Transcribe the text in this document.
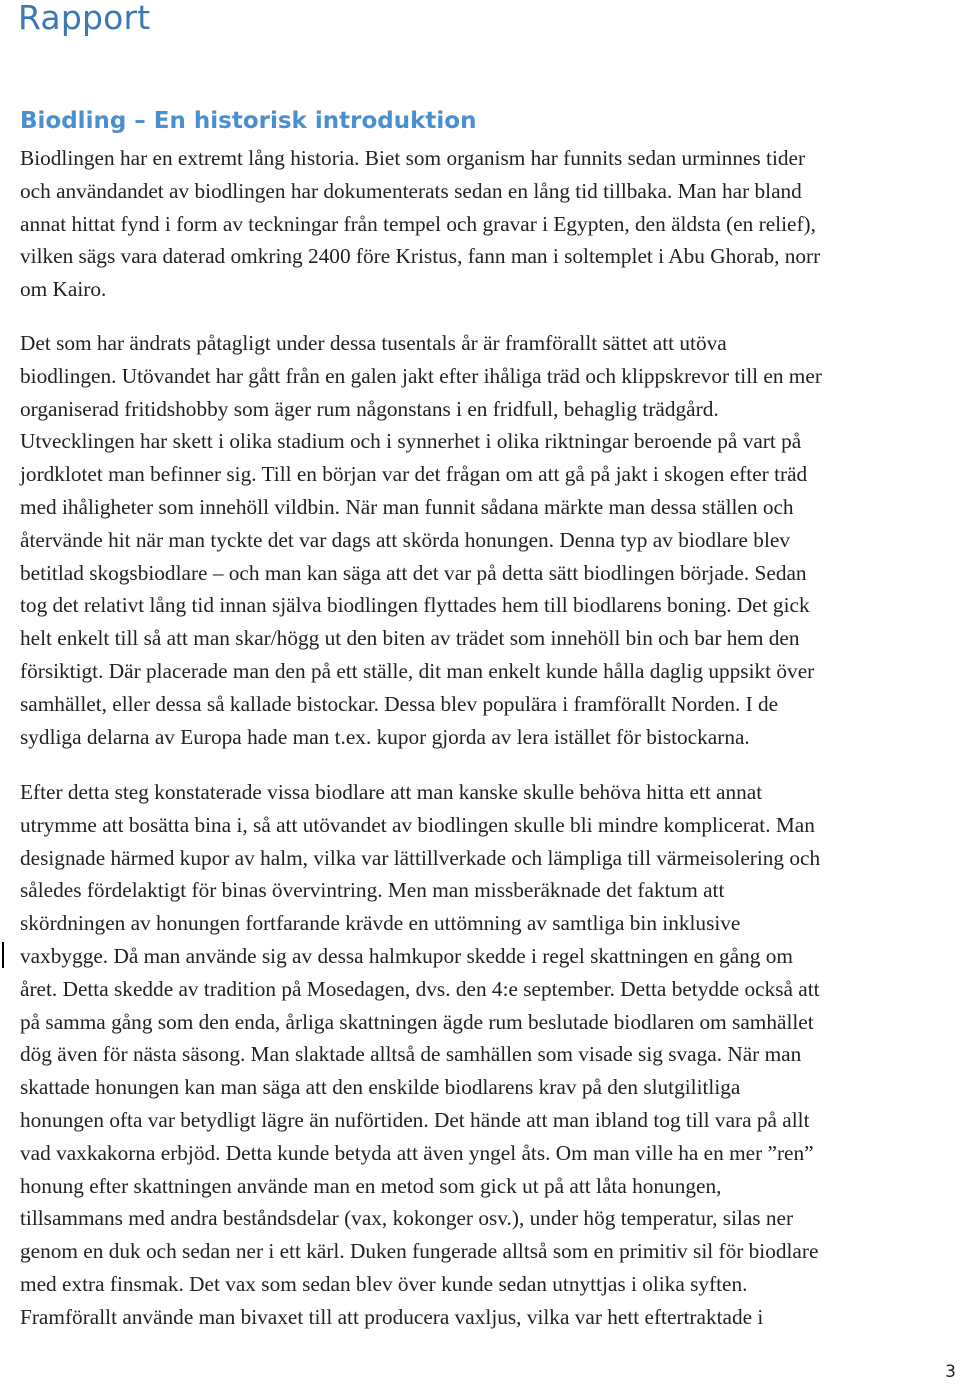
Rapport
Biodling – En historisk introduktion
Biodlingen har en extremt lång historia. Biet som organism har funnits sedan urminnes tider
och användandet av biodlingen har dokumenterats sedan en lång tid tillbaka. Man har bland
annat hittat fynd i form av teckningar från tempel och gravar i Egypten, den äldsta (en relief),
vilken sägs vara daterad omkring 2400 före Kristus, fann man i soltemplet i Abu Ghorab, norr
om Kairo.
Det som har ändrats påtagligt under dessa tusentals år är framförallt sättet att utöva
biodlingen. Utövandet har gått från en galen jakt efter ihåliga träd och klippskrevor till en mer
organiserad fritidshobby som äger rum någonstans i en fridfull, behaglig trädgård.
Utvecklingen har skett i olika stadium och i synnerhet i olika riktningar beroende på vart på
jordklotet man befinner sig. Till en början var det frågan om att gå på jakt i skogen efter träd
med ihåligheter som innehöll vildbin. När man funnit sådana märkte man dessa ställen och
återvände hit när man tyckte det var dags att skörda honungen. Denna typ av biodlare blev
betitlad skogsbiodlare – och man kan säga att det var på detta sätt biodlingen började. Sedan
tog det relativt lång tid innan själva biodlingen flyttades hem till biodlarens boning. Det gick
helt enkelt till så att man skar/högg ut den biten av trädet som innehöll bin och bar hem den
försiktigt. Där placerade man den på ett ställe, dit man enkelt kunde hålla daglig uppsikt över
samhället, eller dessa så kallade bistockar. Dessa blev populära i framförallt Norden. I de
sydliga delarna av Europa hade man t.ex. kupor gjorda av lera istället för bistockarna.
Efter detta steg konstaterade vissa biodlare att man kanske skulle behöva hitta ett annat
utrymme att bosätta bina i, så att utövandet av biodlingen skulle bli mindre komplicerat. Man
designade härmed kupor av halm, vilka var lättillverkade och lämpliga till värmeisolering och
således fördelaktigt för binas övervintring. Men man missberäknade det faktum att
skördningen av honungen fortfarande krävde en uttömning av samtliga bin inklusive
vaxbygge. Då man använde sig av dessa halmkupor skedde i regel skattningen en gång om
året. Detta skedde av tradition på Mosedagen, dvs. den 4:e september. Detta betydde också att
på samma gång som den enda, årliga skattningen ägde rum beslutade biodlaren om samhället
dög även för nästa säsong. Man slaktade alltså de samhällen som visade sig svaga. När man
skattade honungen kan man säga att den enskilde biodlarens krav på den slutgilitliga
honungen ofta var betydligt lägre än nuförtiden. Det hände att man ibland tog till vara på allt
vad vaxkakorna erbjöd. Detta kunde betyda att även yngel åts. Om man ville ha en mer ”ren”
honung efter skattningen använde man en metod som gick ut på att låta honungen,
tillsammans med andra beståndsdelar (vax, kokonger osv.), under hög temperatur, silas ner
genom en duk och sedan ner i ett kärl. Duken fungerade alltså som en primitiv sil för biodlare
med extra finsmak. Det vax som sedan blev över kunde sedan utnyttjas i olika syften.
Framförallt använde man bivaxet till att producera vaxljus, vilka var hett eftertraktade i
3
